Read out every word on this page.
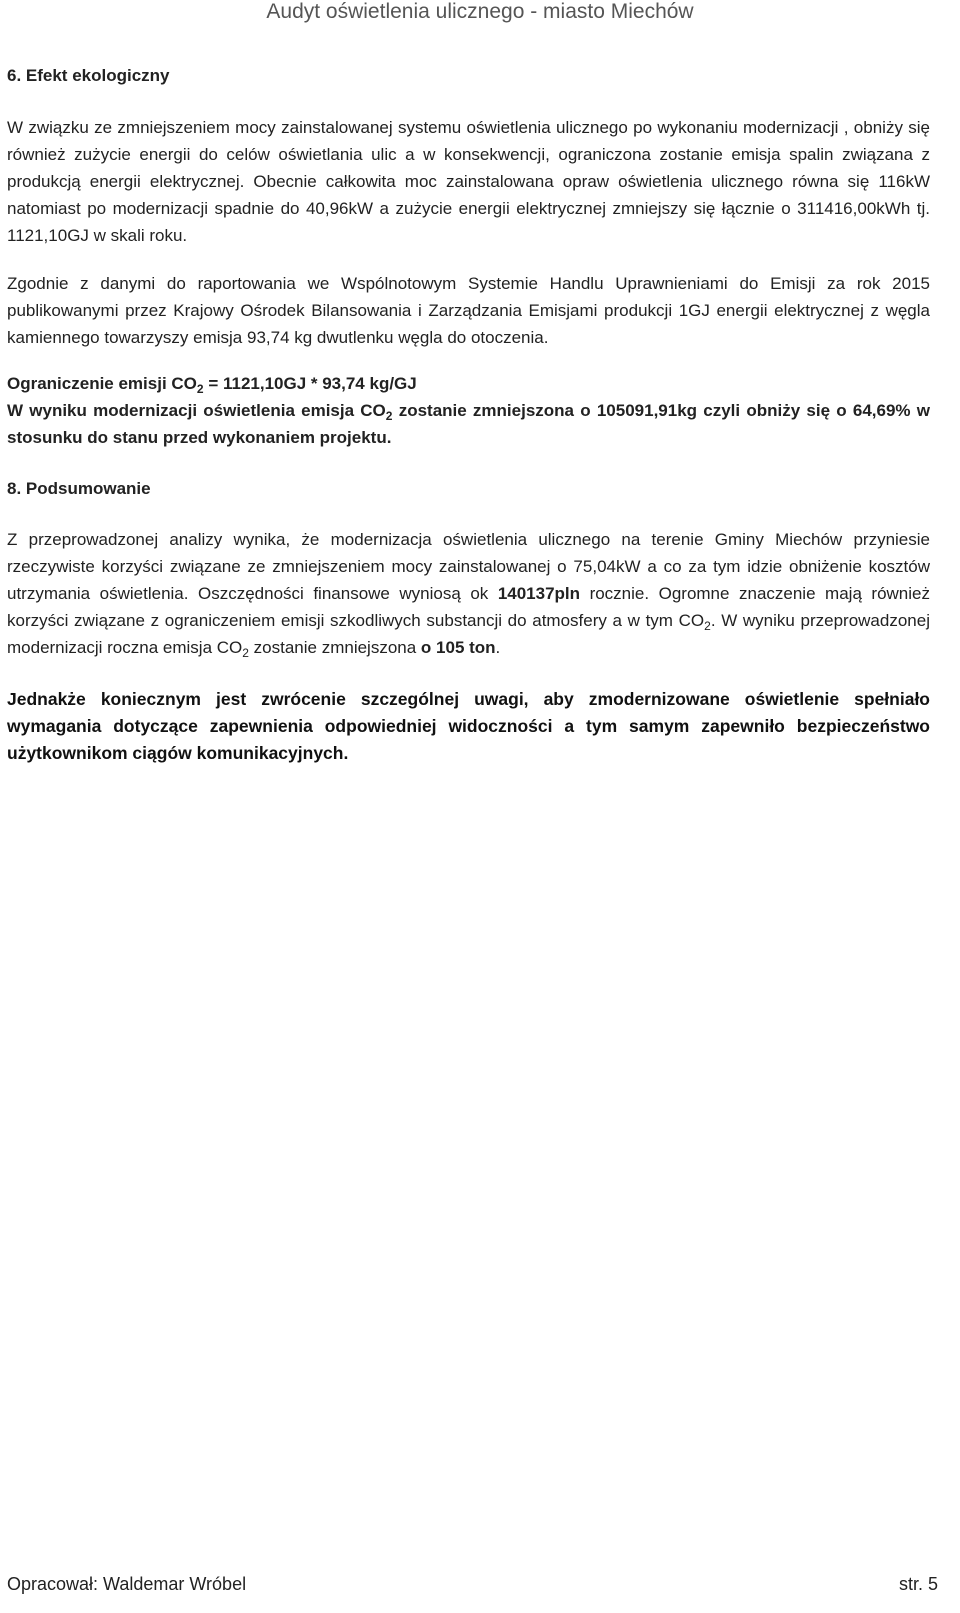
Audyt oświetlenia ulicznego - miasto Miechów

6. Efekt ekologiczny

W związku ze zmniejszeniem mocy zainstalowanej systemu oświetlenia ulicznego po wykonaniu modernizacji , obniży się również zużycie energii do celów oświetlania ulic a w konsekwencji, ograniczona zostanie emisja spalin związana z produkcją energii elektrycznej. Obecnie całkowita moc zainstalowana opraw oświetlenia ulicznego równa się 116kW natomiast po modernizacji spadnie do 40,96kW a zużycie energii elektrycznej zmniejszy się łącznie o 311416,00kWh tj. 1121,10GJ w skali roku.

Zgodnie z danymi do raportowania we Wspólnotowym Systemie Handlu Uprawnieniami do Emisji za rok 2015 publikowanymi przez Krajowy Ośrodek Bilansowania i Zarządzania Emisjami produkcji 1GJ energii elektrycznej z węgla kamiennego towarzyszy emisja 93,74 kg dwutlenku węgla do otoczenia.

Ograniczenie emisji $CO_2 = 1121,10GJ * 93,74$ kg/GJ

W wyniku modernizacji oświetlenia emisja $CO_2$ zostanie zmniejszona o 105091,91kg czyli obniży się o 64,69% w stosunku do stanu przed wykonaniem projektu.

8. Podsumowanie

Z przeprowadzonej analizy wynika, że modernizacja oświetlenia ulicznego na terenie Gminy Miechów przyniesie rzeczywiste korzyści związane ze zmniejszeniem mocy zainstalowanej o 75,04kW a co za tym idzie obniżenie kosztów utrzymania oświetlenia. Oszczędności finansowe wyniosą ok 140137pln rocznie. Ogromne znaczenie mają również korzyści związane z ograniczeniem emisji szkodliwych substancji do atmosfery a w tym $CO_2$. W wyniku przeprowadzonej modernizacji roczna emisja $CO_2$ zostanie zmniejszona o 105 ton.

Jednakże koniecznym jest zwrócenie szczególnej uwagi, aby zmodernizowane oświetlenie spełniało wymagania dotyczące zapewnienia odpowiedniej widoczności a tym samym zapewniło bezpieczeństwo użytkownikom ciągów komunikacyjnych.

Opracował: Waldemar Wróbel	str. 5
